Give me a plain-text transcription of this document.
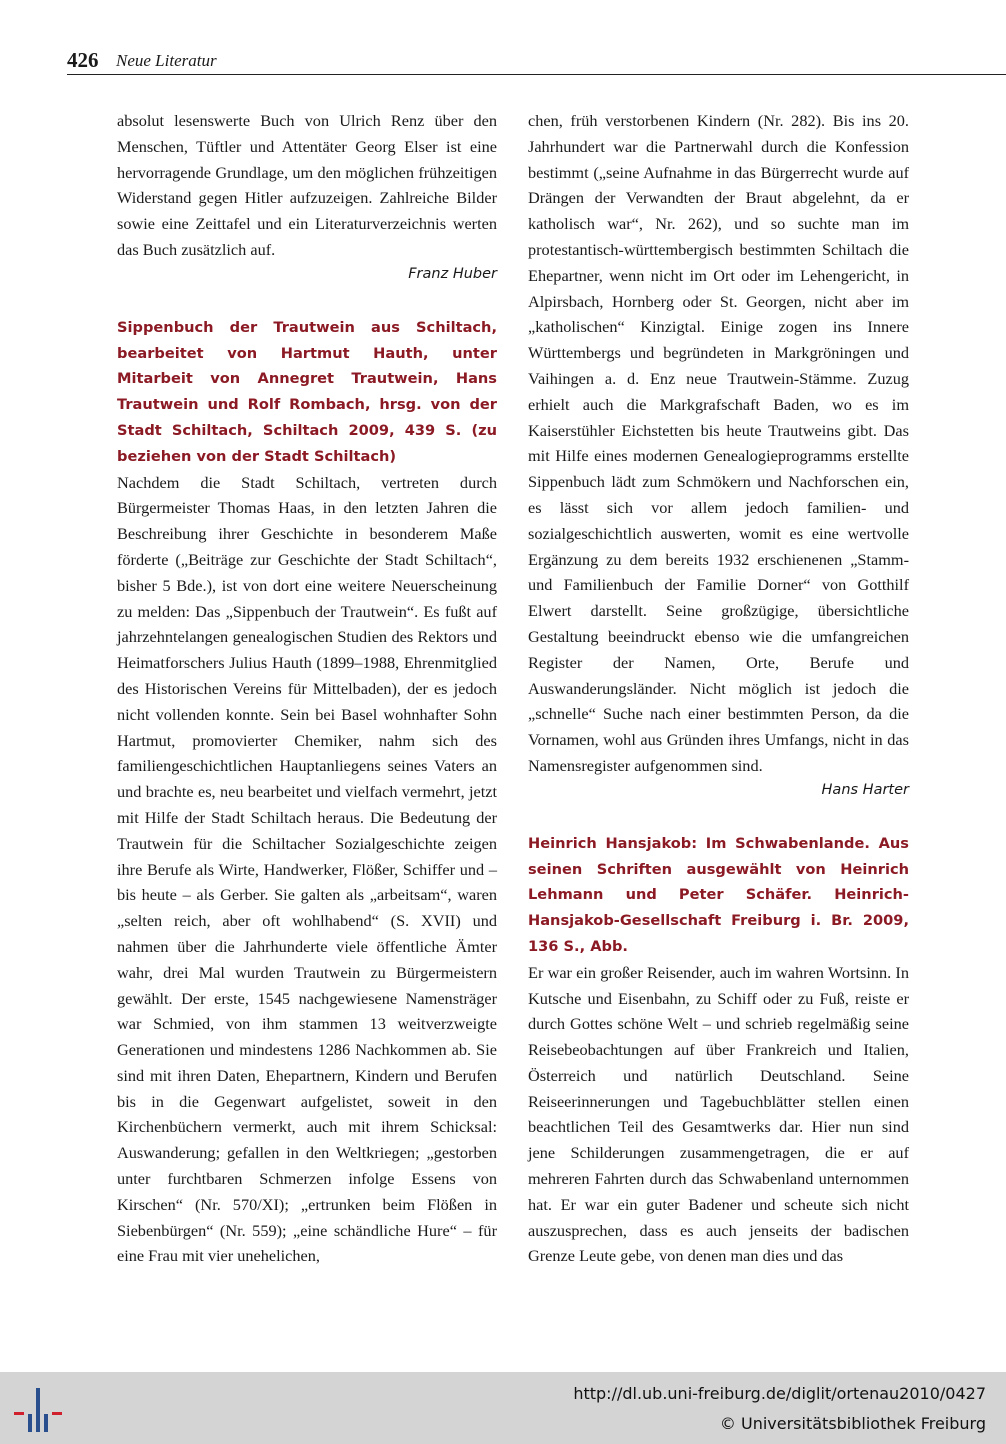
426 Neue Literatur

absolut lesenswerte Buch von Ulrich Renz über den Menschen, Tüftler und Attentäter Georg Elser ist eine hervorragende Grundlage, um den möglichen frühzeitigen Widerstand gegen Hitler aufzuzeigen. Zahlreiche Bilder sowie eine Zeittafel und ein Literaturverzeichnis werten das Buch zusätzlich auf.

Franz Huber

Sippenbuch der Trautwein aus Schiltach, bearbeitet von Hartmut Hauth, unter Mitarbeit von Annegret Trautwein, Hans Trautwein und Rolf Rombach, hrsg. von der Stadt Schiltach, Schiltach 2009, 439 S. (zu beziehen von der Stadt Schiltach)

Nachdem die Stadt Schiltach, vertreten durch Bürgermeister Thomas Haas, in den letzten Jahren die Beschreibung ihrer Geschichte in besonderem Maße förderte („Beiträge zur Geschichte der Stadt Schiltach“, bisher 5 Bde.), ist von dort eine weitere Neuerscheinung zu melden: Das „Sippenbuch der Trautwein“. Es fußt auf jahrzehntelangen genealogischen Studien des Rektors und Heimatforschers Julius Hauth (1899–1988, Ehrenmitglied des Historischen Vereins für Mittelbaden), der es jedoch nicht vollenden konnte. Sein bei Basel wohnhafter Sohn Hartmut, promovierter Chemiker, nahm sich des familiengeschichtlichen Hauptanliegens seines Vaters an und brachte es, neu bearbeitet und vielfach vermehrt, jetzt mit Hilfe der Stadt Schiltach heraus. Die Bedeutung der Trautwein für die Schiltacher Sozialgeschichte zeigen ihre Berufe als Wirte, Handwerker, Flößer, Schiffer und – bis heute – als Gerber. Sie galten als „arbeitsam“, waren „selten reich, aber oft wohlhabend“ (S. XVII) und nahmen über die Jahrhunderte viele öffentliche Ämter wahr, drei Mal wurden Trautwein zu Bürgermeistern gewählt. Der erste, 1545 nachgewiesene Namensträger war Schmied, von ihm stammen 13 weitverzweigte Generationen und mindestens 1286 Nachkommen ab. Sie sind mit ihren Daten, Ehepartnern, Kindern und Berufen bis in die Gegenwart aufgelistet, soweit in den Kirchenbüchern vermerkt, auch mit ihrem Schicksal: Auswanderung; gefallen in den Weltkriegen; „gestorben unter furchtbaren Schmerzen infolge Essens von Kirschen“ (Nr. 570/XI); „ertrunken beim Flößen in Siebenbürgen“ (Nr. 559); „eine schändliche Hure“ – für eine Frau mit vier unehelichen,

chen, früh verstorbenen Kindern (Nr. 282). Bis ins 20. Jahrhundert war die Partnerwahl durch die Konfession bestimmt („seine Aufnahme in das Bürgerrecht wurde auf Drängen der Verwandten der Braut abgelehnt, da er katholisch war“, Nr. 262), und so suchte man im protestantisch-württembergisch bestimmten Schiltach die Ehepartner, wenn nicht im Ort oder im Lehengericht, in Alpirsbach, Hornberg oder St. Georgen, nicht aber im „katholischen“ Kinzigtal. Einige zogen ins Innere Württembergs und begründeten in Markgröningen und Vaihingen a. d. Enz neue Trautwein-Stämme. Zuzug erhielt auch die Markgrafschaft Baden, wo es im Kaiserstühler Eichstetten bis heute Trautweins gibt. Das mit Hilfe eines modernen Genealogieprogramms erstellte Sippenbuch lädt zum Schmökern und Nachforschen ein, es lässt sich vor allem jedoch familien- und sozialgeschichtlich auswerten, womit es eine wertvolle Ergänzung zu dem bereits 1932 erschienenen „Stamm- und Familienbuch der Familie Dorner“ von Gotthilf Elwert darstellt. Seine großzügige, übersichtliche Gestaltung beeindruckt ebenso wie die umfangreichen Register der Namen, Orte, Berufe und Auswanderungsländer. Nicht möglich ist jedoch die „schnelle“ Suche nach einer bestimmten Person, da die Vornamen, wohl aus Gründen ihres Umfangs, nicht in das Namensregister aufgenommen sind.

Hans Harter

Heinrich Hansjakob: Im Schwabenlande. Aus seinen Schriften ausgewählt von Heinrich Lehmann und Peter Schäfer. Heinrich-Hansjakob-Gesellschaft Freiburg i. Br. 2009, 136 S., Abb.

Er war ein großer Reisender, auch im wahren Wortsinn. In Kutsche und Eisenbahn, zu Schiff oder zu Fuß, reiste er durch Gottes schöne Welt – und schrieb regelmäßig seine Reisebeobachtungen auf über Frankreich und Italien, Österreich und natürlich Deutschland. Seine Reiseerinnerungen und Tagebuchblätter stellen einen beachtlichen Teil des Gesamtwerks dar. Hier nun sind jene Schilderungen zusammengetragen, die er auf mehreren Fahrten durch das Schwabenland unternommen hat. Er war ein guter Badener und scheute sich nicht auszusprechen, dass es auch jenseits der badischen Grenze Leute gebe, von denen man dies und das

http://dl.ub.uni-freiburg.de/diglit/ortenau2010/0427
© Universitätsbibliothek Freiburg
